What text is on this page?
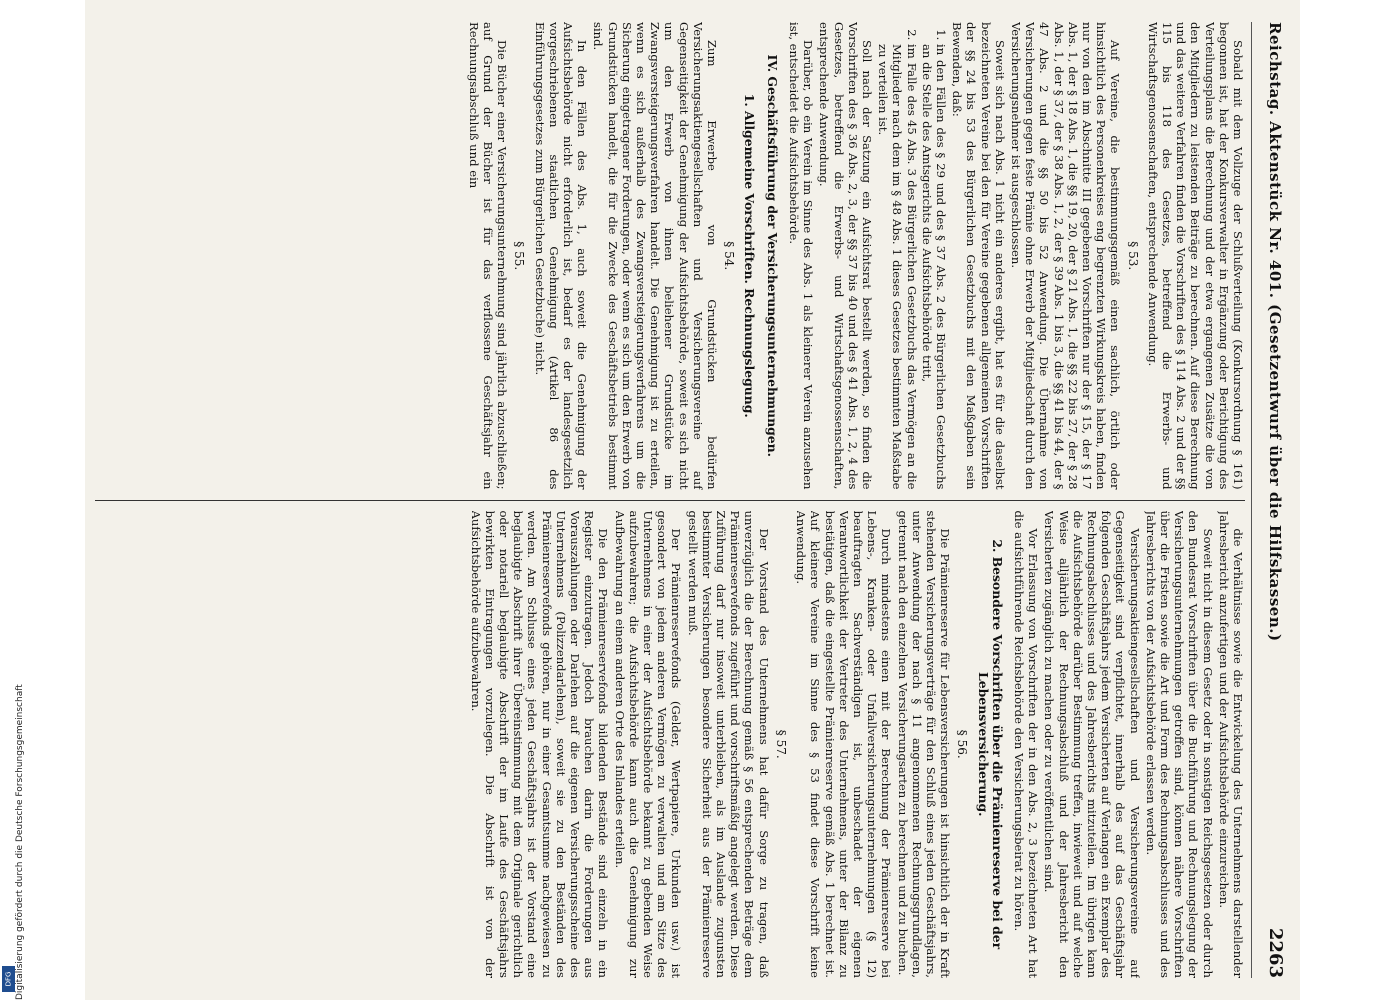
Reichstag. Aktenstück Nr. 401. (Gesetzentwurf über die Hilfskassen.)
2263

Sobald mit dem Vollzuge der Schlußverteilung (Konkursordnung § 161) begonnen ist, hat der Konkursverwalter in Ergänzung oder Berichtigung des Verteilungsplans die Berechnung und der etwa ergangenen Zusätze die von den Mitgliedern zu leistenden Beiträge zu berechnen. Auf diese Berechnung und das weitere Verfahren finden die Vorschriften des § 114 Abs. 2 und der §§ 115 bis 118 des Gesetzes, betreffend die Erwerbs- und Wirtschaftsgenossenschaften, entsprechende Anwendung.

§ 53.

Auf Vereine, die bestimmungsgemäß einen sachlich, örtlich oder hinsichtlich des Personenkreises eng begrenzten Wirkungskreis haben, finden nur von den im Abschnitte III gegebenen Vorschriften nur der § 15, der § 17 Abs. 1, der § 18 Abs. 1, die §§ 19, 20, der § 21 Abs. 1, die §§ 22 bis 27, der § 28 Abs. 1, der § 37, der § 38 Abs. 1, 2, der § 39 Abs. 1 bis 3, die §§ 41 bis 44, der § 47 Abs. 2 und die §§ 50 bis 52 Anwendung. Die Übernahme von Versicherungen gegen feste Prämie ohne Erwerb der Mitgliedschaft durch den Versicherungsnehmer ist ausgeschlossen.

Soweit sich nach Abs. 1 nicht ein anderes ergibt, hat es für die daselbst bezeichneten Vereine bei den für Vereine gegebenen allgemeinen Vorschriften der §§ 24 bis 53 des Bürgerlichen Gesetzbuchs mit den Maßgaben sein Bewenden, daß:

1. in den Fällen des § 29 und des § 37 Abs. 2 des Bürgerlichen Gesetzbuchs an die Stelle des Amtsgerichts die Aufsichtsbehörde tritt,
2. im Falle des 45 Abs. 3 des Bürgerlichen Gesetzbuchs das Vermögen an die Mitglieder nach dem im § 48 Abs. 1 dieses Gesetzes bestimmten Maßstabe zu verteilen ist.

Soll nach der Satzung ein Aufsichtsrat bestellt werden, so finden die Vorschriften des § 36 Abs. 2, 3, der §§ 37 bis 40 und des § 41 Abs. 1, 2, 4 des Gesetzes, betreffend die Erwerbs- und Wirtschaftsgenossenschaften, entsprechende Anwendung.

Darüber, ob ein Verein im Sinne des Abs. 1 als kleinerer Verein anzusehen ist, entscheidet die Aufsichtsbehörde.

IV. Geschäftsführung der Versicherungsunternehmungen.

1. Allgemeine Vorschriften. Rechnungslegung.

§ 54.

Zum Erwerbe von Grundstücken bedürfen Versicherungsaktiengesellschaften und Versicherungsvereine auf Gegenseitigkeit der Genehmigung der Aufsichtsbehörde, soweit es sich nicht um den Erwerb von ihnen beliehener Grundstücke im Zwangsversteigerungsverfahren handelt. Die Genehmigung ist zu erteilen, wenn es sich außerhalb des Zwangsversteigerungsverfahrens um die Sicherung eingetragener Forderungen, oder wenn es sich um den Erwerb von Grundstücken handelt, die für die Zwecke des Geschäftsbetriebs bestimmt sind.

In den Fällen des Abs. 1, auch soweit die Genehmigung der Aufsichtsbehörde nicht erforderlich ist, bedarf es der landesgesetzlich vorgeschriebenen staatlichen Genehmigung (Artikel 86 des Einführungsgesetzes zum Bürgerlichen Gesetzbuche) nicht.

§ 55.

Die Bücher einer Versicherungsunternehmung sind jährlich abzuschließen; auf Grund der Bücher ist für das verflossene Geschäftsjahr ein Rechnungsabschluß und ein

die Verhältnisse sowie die Entwickelung des Unternehmens darstellender Jahresbericht anzufertigen und der Aufsichtsbehörde einzureichen.

Soweit nicht in diesem Gesetz oder in sonstigen Reichsgesetzen oder durch den Bundesrat Vorschriften über die Buchführung und Rechnungslegung der Versicherungsunternehmungen getroffen sind, können nähere Vorschriften über die Fristen sowie die Art und Form des Rechnungsabschlusses und des Jahresberichts von der Aufsichtsbehörde erlassen werden.

Versicherungsaktiengesellschaften und Versicherungsvereine auf Gegenseitigkeit sind verpflichtet, innerhalb des auf das Geschäftsjahr folgenden Geschäftsjahrs jedem Versicherten auf Verlangen ein Exemplar des Rechnungsabschlusses und des Jahresberichts mitzuteilen. Im übrigen kann die Aufsichtsbehörde darüber Bestimmung treffen, inwieweit und auf welche Weise alljährlich der Rechnungsabschluß und der Jahresbericht den Versicherten zugänglich zu machen oder zu veröffentlichen sind.

Vor Erlassung von Vorschriften der in den Abs. 2, 3 bezeichneten Art hat die aufsichtführende Reichsbehörde den Versicherungsbeirat zu hören.

2. Besondere Vorschriften über die Prämienreserve bei der Lebensversicherung.

§ 56.

Die Prämienreserve für Lebensversicherungen ist hinsichtlich der in Kraft stehenden Versicherungsverträge für den Schluß eines jeden Geschäftsjahrs, unter Anwendung der nach § 11 angenommenen Rechnungsgrundlagen, getrennt nach den einzelnen Versicherungsarten zu berechnen und zu buchen.

Durch mindestens einen mit der Berechnung der Prämienreserve bei Lebens-, Kranken- oder Unfallversicherungsunternehmungen (§ 12) beauftragten Sachverständigen ist, unbeschadet der eigenen Verantwortlichkeit der Vertreter des Unternehmens, unter der Bilanz zu bestätigen, daß die eingestellte Prämienreserve gemäß Abs. 1 berechnet ist. Auf kleinere Vereine im Sinne des § 53 findet diese Vorschrift keine Anwendung.

§ 57.

Der Vorstand des Unternehmens hat dafür Sorge zu tragen, daß unverzüglich die der Berechnung gemäß § 56 entsprechenden Beträge dem Prämienreservefonds zugeführt und vorschriftsmäßig angelegt werden. Diese Zuführung darf nur insoweit unterbleiben, als im Auslande zugunsten bestimmter Versicherungen besondere Sicherheit aus der Prämienreserve gestellt werden muß.

Der Prämienreservefonds (Gelder, Wertpapiere, Urkunden usw.) ist gesondert von jedem anderen Vermögen zu verwalten und am Sitze des Unternehmens in einer der Aufsichtsbehörde bekannt zu gebenden Weise aufzubewahren; die Aufsichtsbehörde kann auch die Genehmigung zur Aufbewahrung an einem anderen Orte des Inlandes erteilen.

Die den Prämienreservefonds bildenden Bestände sind einzeln in ein Register einzutragen. Jedoch brauchen darin die Forderungen aus Vorauszahlungen oder Darlehen auf die eigenen Versicherungsscheine des Unternehmens (Polizzendarlehen), soweit sie zu den Beständen des Prämienreservefonds gehören, nur in einer Gesamtsumme nachgewiesen zu werden. Am Schlusse eines jeden Geschäftsjahrs ist der Vorstand eine beglaubigte Abschrift ihrer Übereinstimmung mit dem Originale gerichtlich oder notariell beglaubigte Abschrift der im Laufe des Geschäftsjahrs bewirkten Eintragungen vorzulegen. Die Abschrift ist von der Aufsichtsbehörde aufzubewahren.

Digitalisierung gefördert durch die Deutsche Forschungsgemeinschaft
DFG
